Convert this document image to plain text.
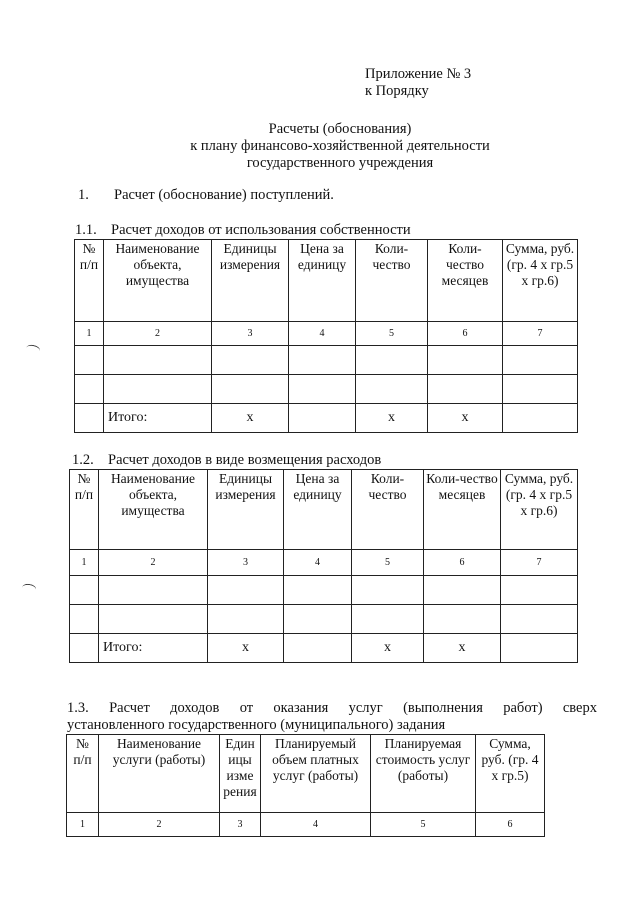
Приложение № 3
к Порядку
Расчеты (обоснования)
к плану финансово-хозяйственной деятельности
государственного учреждения
1. Расчет (обоснование) поступлений.
1.1. Расчет доходов от использования собственности
№ п/п	Наименование объекта, имущества	Единицы измерения	Цена за единицу	Коли-чество	Коли-чество месяцев	Сумма, руб. (гр. 4 х гр.5 х гр.6)
1	2	3	4	5	6	7

	Итого:	x		x	x	
1.2. Расчет доходов в виде возмещения расходов
№ п/п	Наименование объекта, имущества	Единицы измерения	Цена за единицу	Коли-чество	Коли-чество месяцев	Сумма, руб. (гр. 4 х гр.5 х гр.6)
1	2	3	4	5	6	7

	Итого:	x		x	x	
1.3. Расчет доходов от оказания услуг (выполнения работ) сверх
установленного государственного (муниципального) задания
№ п/п	Наименование услуги (работы)	Един ицы изме рения	Планируемый объем платных услуг (работы)	Планируемая стоимость услуг (работы)	Сумма, руб. (гр. 4 х гр.5)
1	2	3	4	5	6
